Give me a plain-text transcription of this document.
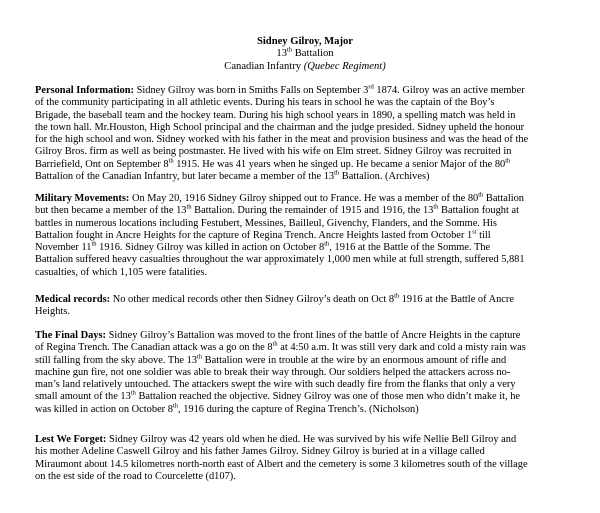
Sidney Gilroy, Major
13th Battalion
Canadian Infantry (Quebec Regiment)
Personal Information: Sidney Gilroy was born in Smiths Falls on September 3rd 1874. Gilroy was an active member
of the community participating in all athletic events. During his tears in school he was the captain of the Boy’s
Brigade, the baseball team and the hockey team. During his high school years in 1890, a spelling match was held in
the town hall. Mr.Houston, High School principal and the chairman and the judge presided. Sidney upheld the honour
for the high school and won. Sidney worked with his father in the meat and provision business and was the head of the
Gilroy Bros. firm as well as being postmaster. He lived with his wife on Elm street. Sidney Gilroy was recruited in
Barriefield, Ont on September 8th 1915. He was 41 years when he singed up. He became a senior Major of the 80th
Battalion of the Canadian Infantry, but later became a member of the 13th Battalion. (Archives)
Military Movements: On May 20, 1916 Sidney Gilroy shipped out to France. He was a member of the 80th Battalion
but then became a member of the 13th Battalion. During the remainder of 1915 and 1916, the 13th Battalion fought at
battles in numerous locations including Festubert, Messines, Bailleul, Givenchy, Flanders, and the Somme. His
Battalion fought in Ancre Heights for the capture of Regina Trench. Ancre Heights lasted from October 1st till
November 11th 1916. Sidney Gilroy was killed in action on October 8th, 1916 at the Battle of the Somme. The
Battalion suffered heavy casualties throughout the war approximately 1,000 men while at full strength, suffered 5,881
casualties, of which 1,105 were fatalities.
Medical records: No other medical records other then Sidney Gilroy’s death on Oct 8th 1916 at the Battle of Ancre
Heights.
The Final Days: Sidney Gilroy’s Battalion was moved to the front lines of the battle of Ancre Heights in the capture
of Regina Trench. The Canadian attack was a go on the 8th at 4:50 a.m. It was still very dark and cold a misty rain was
still falling from the sky above. The 13th Battalion were in trouble at the wire by an enormous amount of rifle and
machine gun fire, not one soldier was able to break their way through. Our soldiers helped the attackers across no-
man’s land relatively untouched. The attackers swept the wire with such deadly fire from the flanks that only a very
small amount of the 13th Battalion reached the objective. Sidney Gilroy was one of those men who didn’t make it, he
was killed in action on October 8th, 1916 during the capture of Regina Trench’s. (Nicholson)
Lest We Forget: Sidney Gilroy was 42 years old when he died. He was survived by his wife Nellie Bell Gilroy and
his mother Adeline Caswell Gilroy and his father James Gilroy. Sidney Gilroy is buried at in a village called
Miraumont about 14.5 kilometres north-north east of Albert and the cemetery is some 3 kilometres south of the village
on the est side of the road to Courcelette (d107).
